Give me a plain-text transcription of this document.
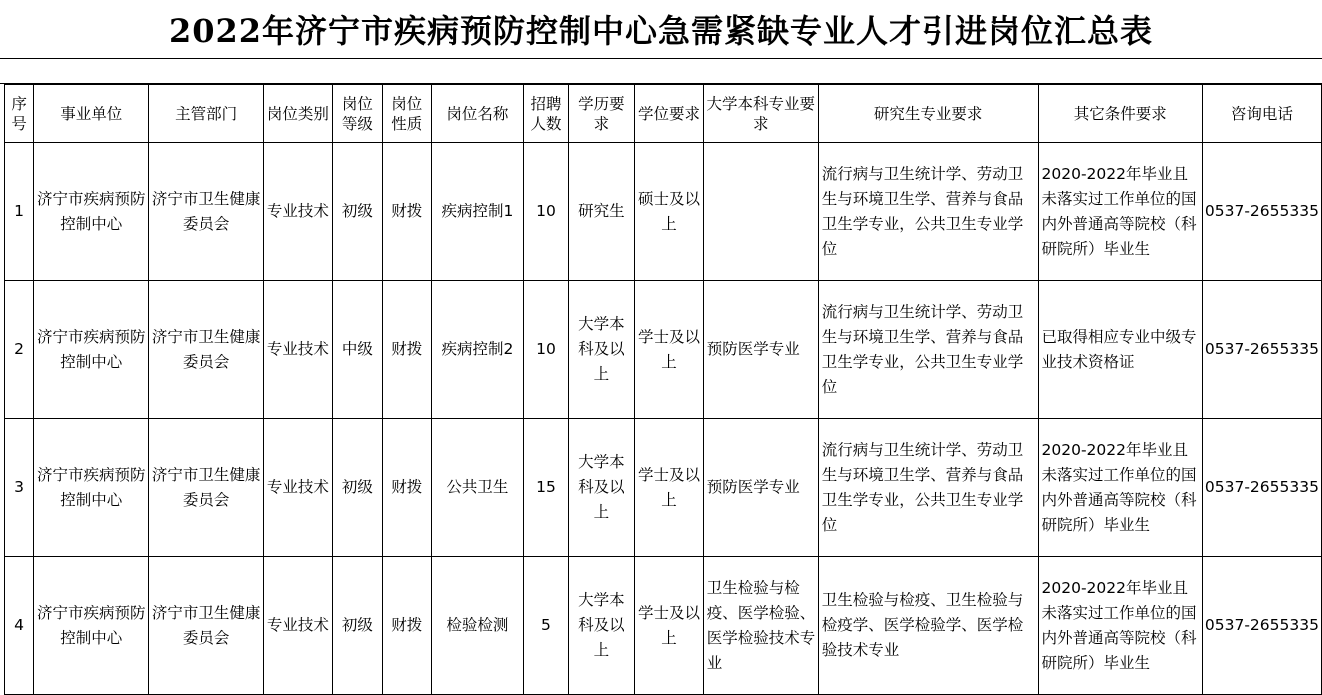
2022年济宁市疾病预防控制中心急需紧缺专业人才引进岗位汇总表
序号	事业单位	主管部门	岗位类别	岗位等级	岗位性质	岗位名称	招聘人数	学历要求	学位要求	大学本科专业要求	研究生专业要求	其它条件要求	咨询电话
1	济宁市疾病预防控制中心	济宁市卫生健康委员会	专业技术	初级	财拨	疾病控制1	10	研究生	硕士及以上		流行病与卫生统计学、劳动卫生与环境卫生学、营养与食品卫生学专业，公共卫生专业学位	2020-2022年毕业且未落实过工作单位的国内外普通高等院校（科研院所）毕业生	0537-2655335
2	济宁市疾病预防控制中心	济宁市卫生健康委员会	专业技术	中级	财拨	疾病控制2	10	大学本科及以上	学士及以上	预防医学专业	流行病与卫生统计学、劳动卫生与环境卫生学、营养与食品卫生学专业，公共卫生专业学位	已取得相应专业中级专业技术资格证	0537-2655335
3	济宁市疾病预防控制中心	济宁市卫生健康委员会	专业技术	初级	财拨	公共卫生	15	大学本科及以上	学士及以上	预防医学专业	流行病与卫生统计学、劳动卫生与环境卫生学、营养与食品卫生学专业，公共卫生专业学位	2020-2022年毕业且未落实过工作单位的国内外普通高等院校（科研院所）毕业生	0537-2655335
4	济宁市疾病预防控制中心	济宁市卫生健康委员会	专业技术	初级	财拨	检验检测	5	大学本科及以上	学士及以上	卫生检验与检疫、医学检验、医学检验技术专业	卫生检验与检疫、卫生检验与检疫学、医学检验学、医学检验技术专业	2020-2022年毕业且未落实过工作单位的国内外普通高等院校（科研院所）毕业生	0537-2655335
